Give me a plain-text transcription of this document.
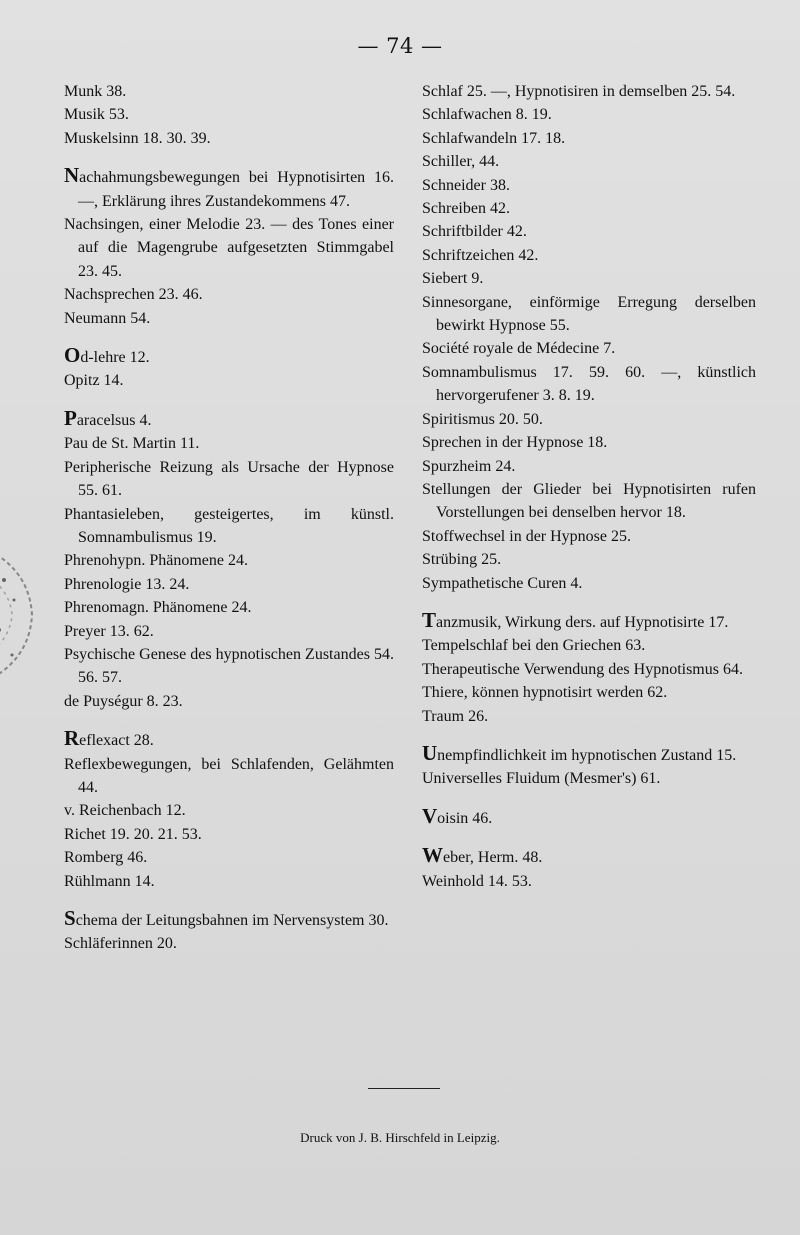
— 74 —

Munk 38.

Musik 53.

Muskelsinn 18. 30. 39.

Nachahmungsbewegungen bei Hypnotisirten 16. —, Erklärung ihres Zustandekommens 47.

Nachsingen, einer Melodie 23. — des Tones einer auf die Magengrube aufgesetzten Stimmgabel 23. 45.

Nachsprechen 23. 46.

Neumann 54.

Od-lehre 12.

Opitz 14.

Paracelsus 4.

Pau de St. Martin 11.

Peripherische Reizung als Ursache der Hypnose 55. 61.

Phantasieleben, gesteigertes, im künstl. Somnambulismus 19.

Phrenohypn. Phänomene 24.

Phrenologie 13. 24.

Phrenomagn. Phänomene 24.

Preyer 13. 62.

Psychische Genese des hypnotischen Zustandes 54. 56. 57.

de Puységur 8. 23.

Reflexact 28.

Reflexbewegungen, bei Schlafenden, Gelähmten 44.

v. Reichenbach 12.

Richet 19. 20. 21. 53.

Romberg 46.

Rühlmann 14.

Schema der Leitungsbahnen im Nervensystem 30.

Schläferinnen 20.

Schlaf 25. —, Hypnotisiren in demselben 25. 54.

Schlafwachen 8. 19.

Schlafwandeln 17. 18.

Schiller, 44.

Schneider 38.

Schreiben 42.

Schriftbilder 42.

Schriftzeichen 42.

Siebert 9.

Sinnesorgane, einförmige Erregung derselben bewirkt Hypnose 55.

Société royale de Médecine 7.

Somnambulismus 17. 59. 60. —, künstlich hervorgerufener 3. 8. 19.

Spiritismus 20. 50.

Sprechen in der Hypnose 18.

Spurzheim 24.

Stellungen der Glieder bei Hypnotisirten rufen Vorstellungen bei denselben hervor 18.

Stoffwechsel in der Hypnose 25.

Strübing 25.

Sympathetische Curen 4.

Tanzmusik, Wirkung ders. auf Hypnotisirte 17.

Tempelschlaf bei den Griechen 63.

Therapeutische Verwendung des Hypnotismus 64.

Thiere, können hypnotisirt werden 62.

Traum 26.

Unempfindlichkeit im hypnotischen Zustand 15.

Universelles Fluidum (Mesmer's) 61.

Voisin 46.

Weber, Herm. 48.

Weinhold 14. 53.

Druck von J. B. Hirschfeld in Leipzig.
